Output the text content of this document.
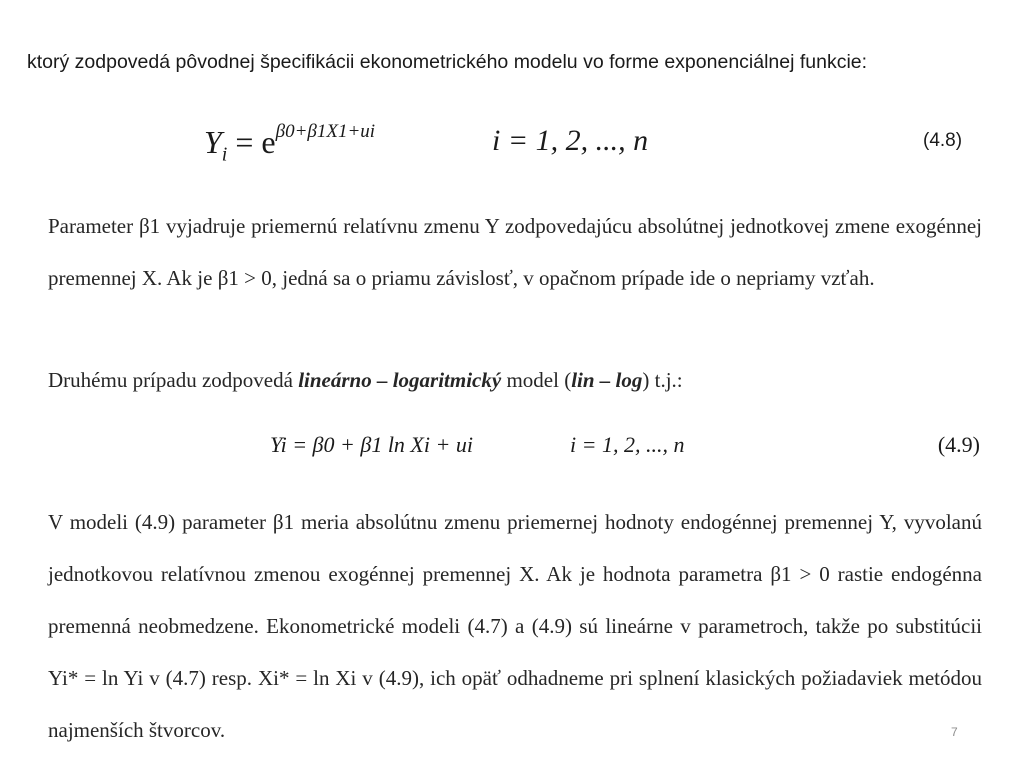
ktorý zodpovedá pôvodnej špecifikácii ekonometrického modelu vo forme exponenciálnej funkcie:
$Y_i = e^{\beta 0+\beta 1X1+ui}$	i = 1, 2, ..., n	(4.8)

Parameter β1 vyjadruje priemernú relatívnu zmenu Y zodpovedajúcu absolútnej jednotkovej zmene exogénnej premennej X. Ak je β1 > 0, jedná sa o priamu závislosť, v opačnom prípade ide o nepriamy vzťah.

Druhému prípadu zodpovedá lineárno – logaritmický model (lin – log) t.j.:

Yi = β0 + β1 ln Xi + ui	i = 1, 2, ..., n	(4.9)

V modeli (4.9) parameter β1 meria absolútnu zmenu priemernej hodnoty endogénnej premennej Y, vyvolanú jednotkovou relatívnou zmenou exogénnej premennej X. Ak je hodnota parametra β1 > 0 rastie endogénna premenná neobmedzene. Ekonometrické modeli (4.7) a (4.9) sú lineárne v parametroch, takže po substitúcii Yi* = ln Yi v (4.7) resp. Xi* = ln Xi v (4.9), ich opäť odhadneme pri splnení klasických požiadaviek metódou najmenších štvorcov.	7
